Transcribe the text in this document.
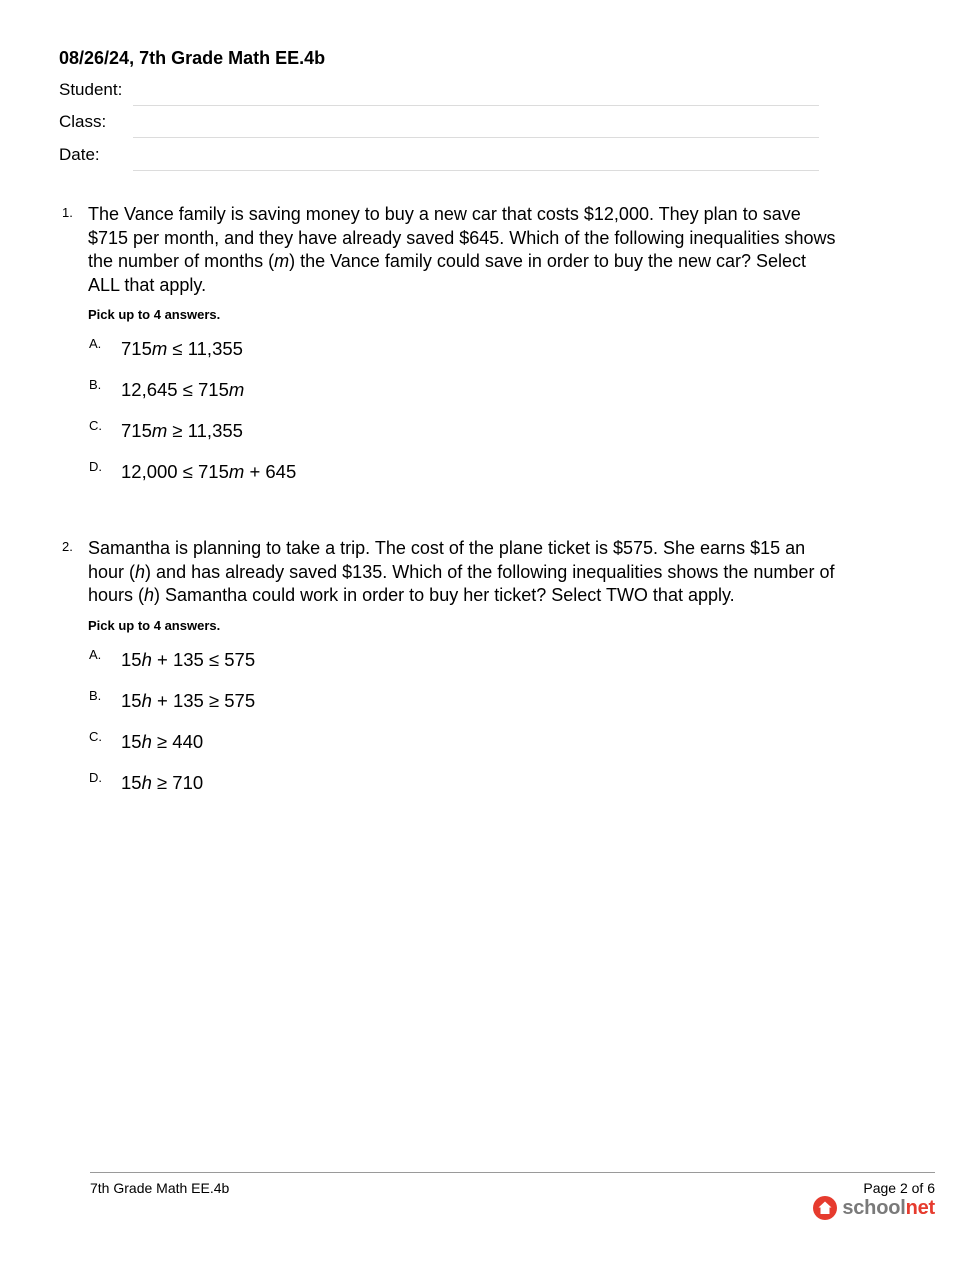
08/26/24, 7th Grade Math EE.4b
Student:
Class:
Date:
1. The Vance family is saving money to buy a new car that costs $12,000. They plan to save $715 per month, and they have already saved $645. Which of the following inequalities shows the number of months (m) the Vance family could save in order to buy the new car? Select ALL that apply.
Pick up to 4 answers.
A. 715m ≤ 11,355
B. 12,645 ≤ 715m
C. 715m ≥ 11,355
D. 12,000 ≤ 715m + 645
2. Samantha is planning to take a trip. The cost of the plane ticket is $575. She earns $15 an hour (h) and has already saved $135. Which of the following inequalities shows the number of hours (h) Samantha could work in order to buy her ticket? Select TWO that apply.
Pick up to 4 answers.
A. 15h + 135 ≤ 575
B. 15h + 135 ≥ 575
C. 15h ≥ 440
D. 15h ≥ 710
7th Grade Math EE.4b	Page 2 of 6
school net
